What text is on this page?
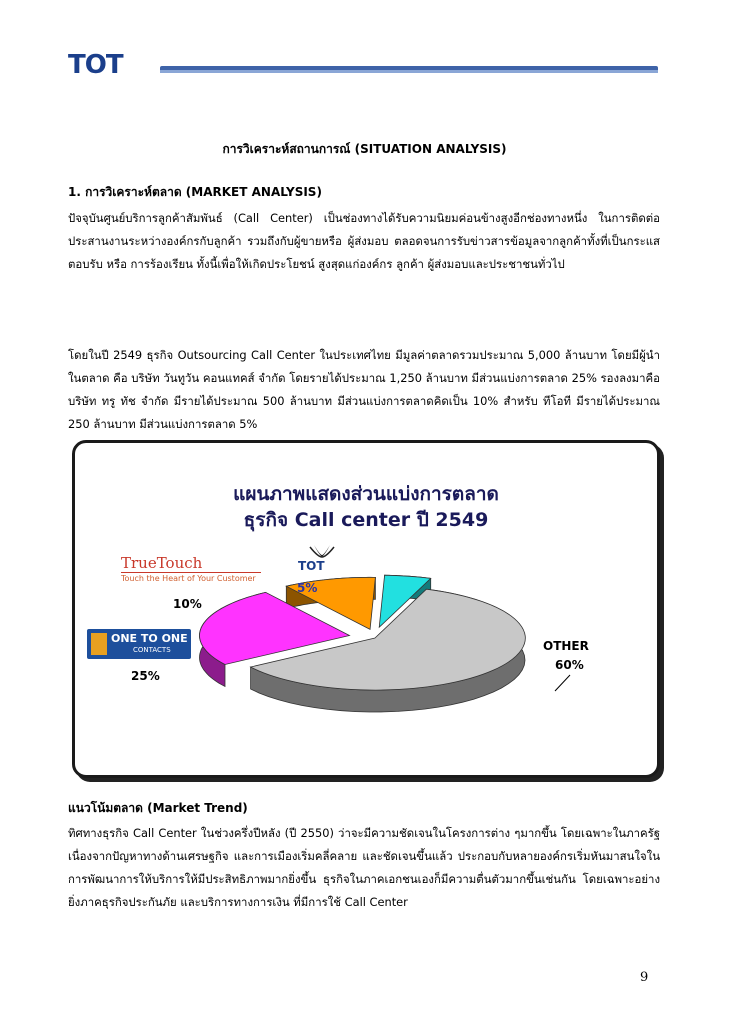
TOT
การวิเคราะห์สถานการณ์ (SITUATION ANALYSIS)
1. การวิเคราะห์ตลาด (MARKET ANALYSIS)
ปัจจุบันศูนย์บริการลูกค้าสัมพันธ์ (Call Center) เป็นช่องทางได้รับความนิยมค่อนข้างสูงอีกช่องทางหนึ่ง ในการติดต่อ ประสานงานระหว่างองค์กรกับลูกค้า รวมถึงกับผู้ขายหรือ ผู้ส่งมอบ ตลอดจนการรับข่าวสารข้อมูลจากลูกค้าทั้งที่เป็นกระแสตอบรับ หรือ การร้องเรียน ทั้งนี้เพื่อให้เกิดประโยชน์ สูงสุดแก่องค์กร ลูกค้า ผู้ส่งมอบและประชาชนทั่วไป
โดยในปี 2549 ธุรกิจ Outsourcing Call Center ในประเทศไทย มีมูลค่าตลาดรวมประมาณ 5,000 ล้านบาท โดยมีผู้นำในตลาด คือ บริษัท วันทูวัน คอนแทคส์ จำกัด โดยรายได้ประมาณ 1,250 ล้านบาท มีส่วนแบ่งการตลาด 25% รองลงมาคือ บริษัท ทรู ทัช จำกัด มีรายได้ประมาณ 500 ล้านบาท มีส่วนแบ่งการตลาดคิดเป็น 10% สำหรับ ทีโอที มีรายได้ประมาณ 250 ล้านบาท มีส่วนแบ่งการตลาด 5%
แผนภาพแสดงส่วนแบ่งการตลาด
ธุรกิจ Call center ปี 2549
TOT
TrueTouch
Touch the Heart of Your Customer
ONE TO ONE
CONTACTS
5%
10%
25%
OTHER
60%
แนวโน้มตลาด (Market Trend)
ทิศทางธุรกิจ Call Center ในช่วงครึ่งปีหลัง (ปี 2550) ว่าจะมีความชัดเจนในโครงการต่าง ๆมากขึ้น โดยเฉพาะในภาครัฐ เนื่องจากปัญหาทางด้านเศรษฐกิจ และการเมืองเริ่มคลี่คลาย และชัดเจนขึ้นแล้ว ประกอบกับหลายองค์กรเริ่มหันมาสนใจในการพัฒนาการให้บริการให้มีประสิทธิภาพมากยิ่งขึ้น ธุรกิจในภาคเอกชนเองก็มีความตื่นตัวมากขึ้นเช่นกัน โดยเฉพาะอย่างยิ่งภาคธุรกิจประกันภัย และบริการทางการเงิน ที่มีการใช้ Call Center
9
